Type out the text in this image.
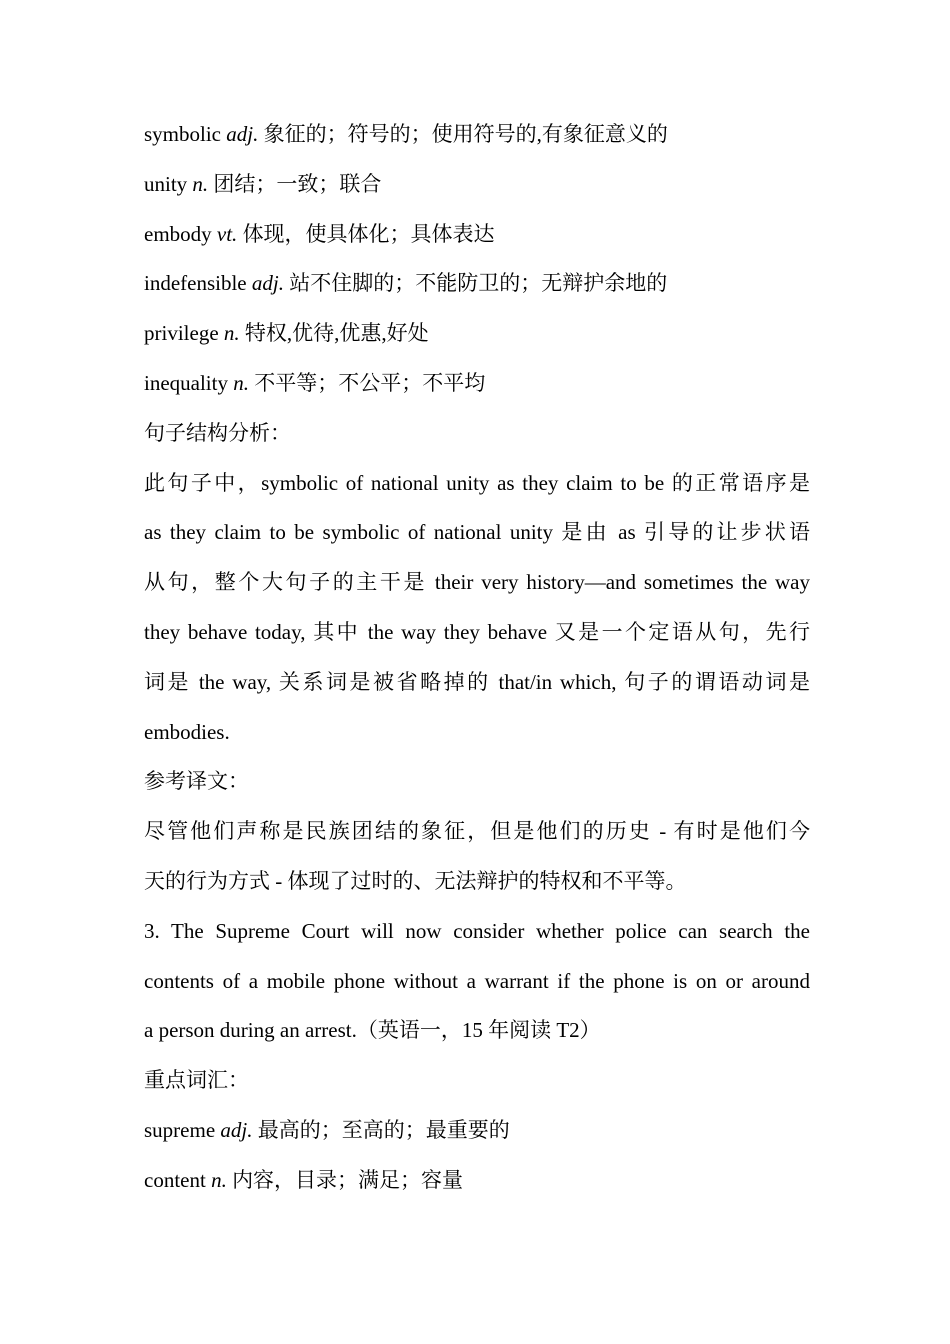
symbolic adj. 象征的；符号的；使用符号的,有象征意义的
unity n. 团结；一致；联合
embody vt. 体现，使具体化；具体表达
indefensible adj. 站不住脚的；不能防卫的；无辩护余地的
privilege n. 特权,优待,优惠,好处
inequality n. 不平等；不公平；不平均
句子结构分析：
此句子中，symbolic of national unity as they claim to be 的正常语序是
as they claim to be symbolic of national unity 是由 as 引导的让步状语
从句，整个大句子的主干是 their very history—and sometimes the way
they behave today, 其中 the way they behave 又是一个定语从句，先行
词是 the way, 关系词是被省略掉的 that/in which, 句子的谓语动词是
embodies.
参考译文：
尽管他们声称是民族团结的象征，但是他们的历史 - 有时是他们今
天的行为方式 - 体现了过时的、无法辩护的特权和不平等。
3. The Supreme Court will now consider whether police can search the
contents of a mobile phone without a warrant if the phone is on or around
a person during an arrest.（英语一，15 年阅读 T2）
重点词汇：
supreme adj. 最高的；至高的；最重要的
content n. 内容，目录；满足；容量
